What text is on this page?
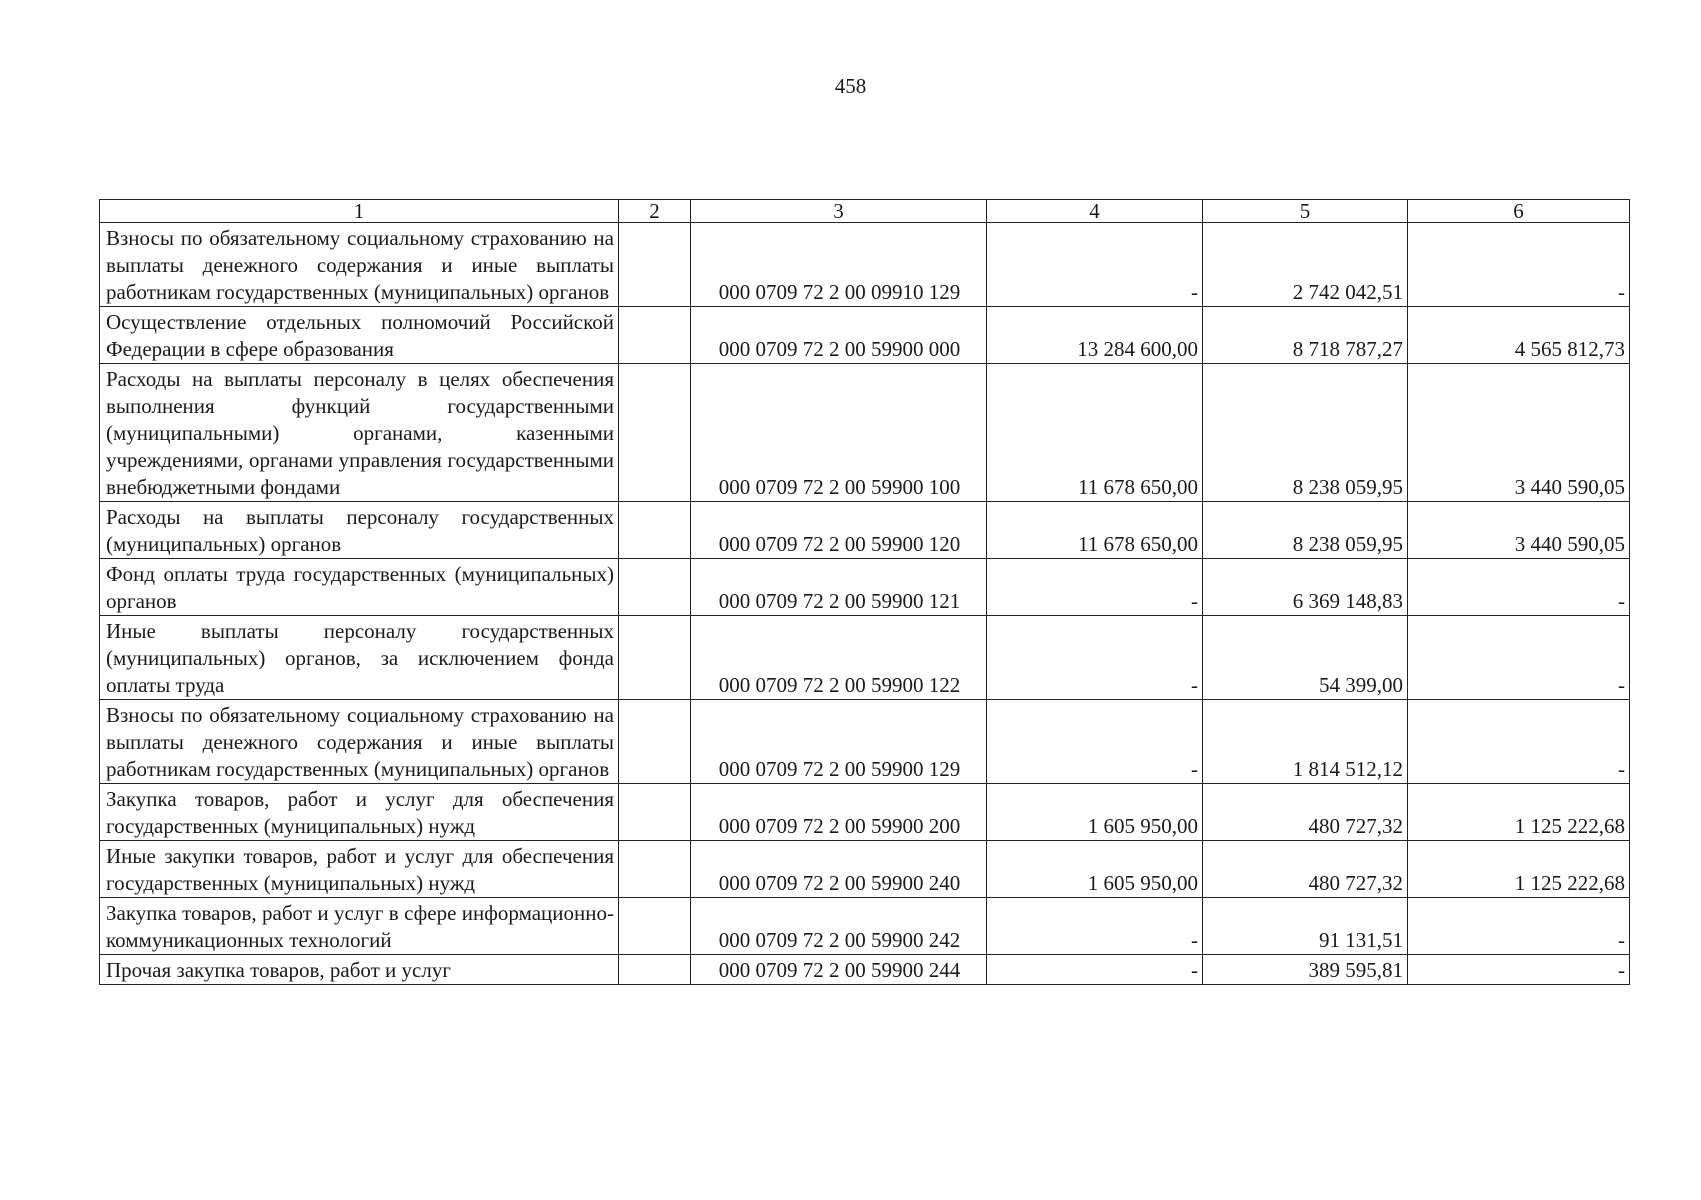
458
1	2	3	4	5	6
Взносы по обязательному социальному страхованию на выплаты денежного содержания и иные выплаты работникам государственных (муниципальных) органов		000 0709 72 2 00 09910 129	-	2 742 042,51	-
Осуществление отдельных полномочий Российской Федерации в сфере образования		000 0709 72 2 00 59900 000	13 284 600,00	8 718 787,27	4 565 812,73
Расходы на выплаты персоналу в целях обеспечения выполнения функций государственными (муниципальными) органами, казенными учреждениями, органами управления государственными внебюджетными фондами		000 0709 72 2 00 59900 100	11 678 650,00	8 238 059,95	3 440 590,05
Расходы на выплаты персоналу государственных (муниципальных) органов		000 0709 72 2 00 59900 120	11 678 650,00	8 238 059,95	3 440 590,05
Фонд оплаты труда государственных (муниципальных) органов		000 0709 72 2 00 59900 121	-	6 369 148,83	-
Иные выплаты персоналу государственных (муниципальных) органов, за исключением фонда оплаты труда		000 0709 72 2 00 59900 122	-	54 399,00	-
Взносы по обязательному социальному страхованию на выплаты денежного содержания и иные выплаты работникам государственных (муниципальных) органов		000 0709 72 2 00 59900 129	-	1 814 512,12	-
Закупка товаров, работ и услуг для обеспечения государственных (муниципальных) нужд		000 0709 72 2 00 59900 200	1 605 950,00	480 727,32	1 125 222,68
Иные закупки товаров, работ и услуг для обеспечения государственных (муниципальных) нужд		000 0709 72 2 00 59900 240	1 605 950,00	480 727,32	1 125 222,68
Закупка товаров, работ и услуг в сфере информационно-коммуникационных технологий		000 0709 72 2 00 59900 242	-	91 131,51	-
Прочая закупка товаров, работ и услуг		000 0709 72 2 00 59900 244	-	389 595,81	-
